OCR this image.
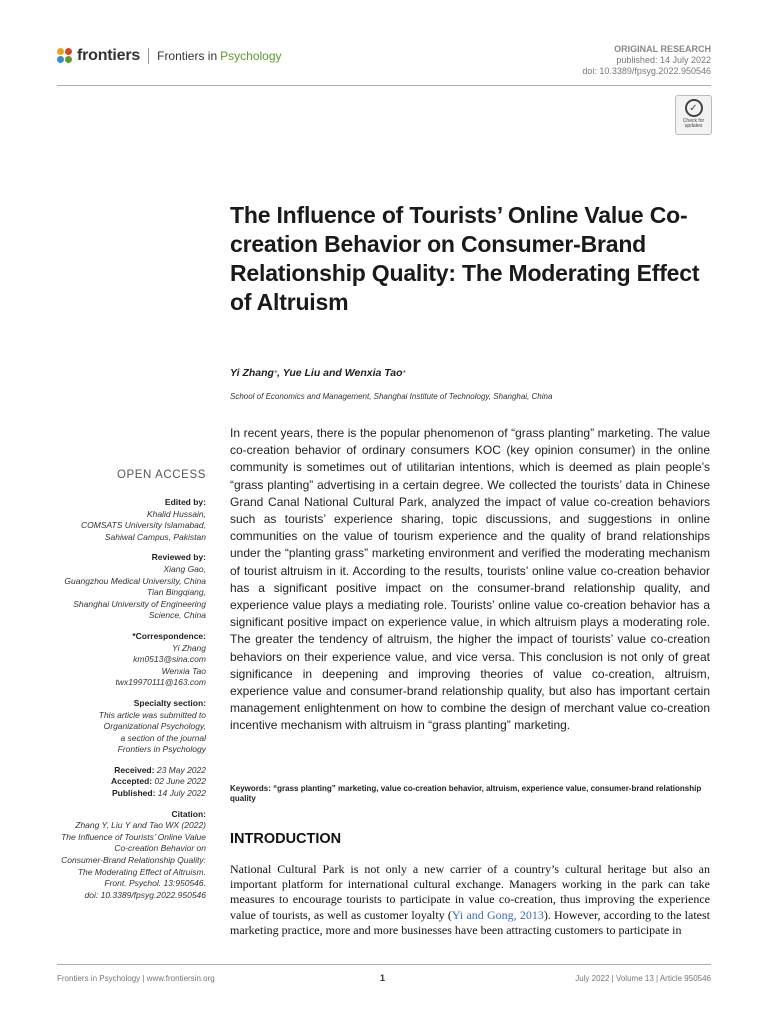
frontiers Frontiers in Psychology	ORIGINAL RESEARCH
published: 14 July 2022
doi: 10.3389/fpsyg.2022.950546
✓
Check for updates
The Influence of Tourists’ Online Value Co-creation Behavior on Consumer-Brand Relationship Quality: The Moderating Effect of Altruism
Yi Zhang*, Yue Liu and Wenxia Tao*
School of Economics and Management, Shanghai Institute of Technology, Shanghai, China
In recent years, there is the popular phenomenon of “grass planting” marketing. The value co-creation behavior of ordinary consumers KOC (key opinion consumer) in the online community is sometimes out of utilitarian intentions, which is deemed as plain people’s “grass planting” advertising in a certain degree. We collected the tourists’ data in Chinese Grand Canal National Cultural Park, analyzed the impact of value co-creation behaviors such as tourists’ experience sharing, topic discussions, and suggestions in online communities on the value of tourism experience and the quality of brand relationships under the “planting grass” marketing environment and verified the moderating mechanism of tourist altruism in it. According to the results, tourists’ online value co-creation behavior has a significant positive impact on the consumer-brand relationship quality, and experience value plays a mediating role. Tourists’ online value co-creation behavior has a significant positive impact on experience value, in which altruism plays a moderating role. The greater the tendency of altruism, the higher the impact of tourists’ value co-creation behaviors on their experience value, and vice versa. This conclusion is not only of great significance in deepening and improving theories of value co-creation, altruism, experience value and consumer-brand relationship quality, but also has important certain management enlightenment on how to combine the design of merchant value co-creation incentive mechanism with altruism in “grass planting” marketing.
Keywords: “grass planting” marketing, value co-creation behavior, altruism, experience value, consumer-brand relationship quality
INTRODUCTION
National Cultural Park is not only a new carrier of a country’s cultural heritage but also an important platform for international cultural exchange. Managers working in the park can take measures to encourage tourists to participate in value co-creation, thus improving the experience value of tourists, as well as customer loyalty (Yi and Gong, 2013). However, according to the latest marketing practice, more and more businesses have been attracting customers to participate in
OPEN ACCESS
Edited by:
Khalid Hussain,
COMSATS University Islamabad,
Sahiwal Campus, Pakistan
Reviewed by:
Xiang Gao,
Guangzhou Medical University, China
Tian Bingqiang,
Shanghai University of Engineering
Science, China
*Correspondence:
Yi Zhang
km0513@sina.com
Wenxia Tao
twx19970111@163.com
Specialty section:
This article was submitted to
Organizational Psychology,
a section of the journal
Frontiers in Psychology
Received: 23 May 2022
Accepted: 02 June 2022
Published: 14 July 2022
Citation:
Zhang Y, Liu Y and Tao WX (2022)
The Influence of Tourists’ Online Value
Co-creation Behavior on
Consumer-Brand Relationship Quality:
The Moderating Effect of Altruism.
Front. Psychol. 13:950546.
doi: 10.3389/fpsyg.2022.950546
Frontiers in Psychology | www.frontiersin.org	1	July 2022 | Volume 13 | Article 950546
